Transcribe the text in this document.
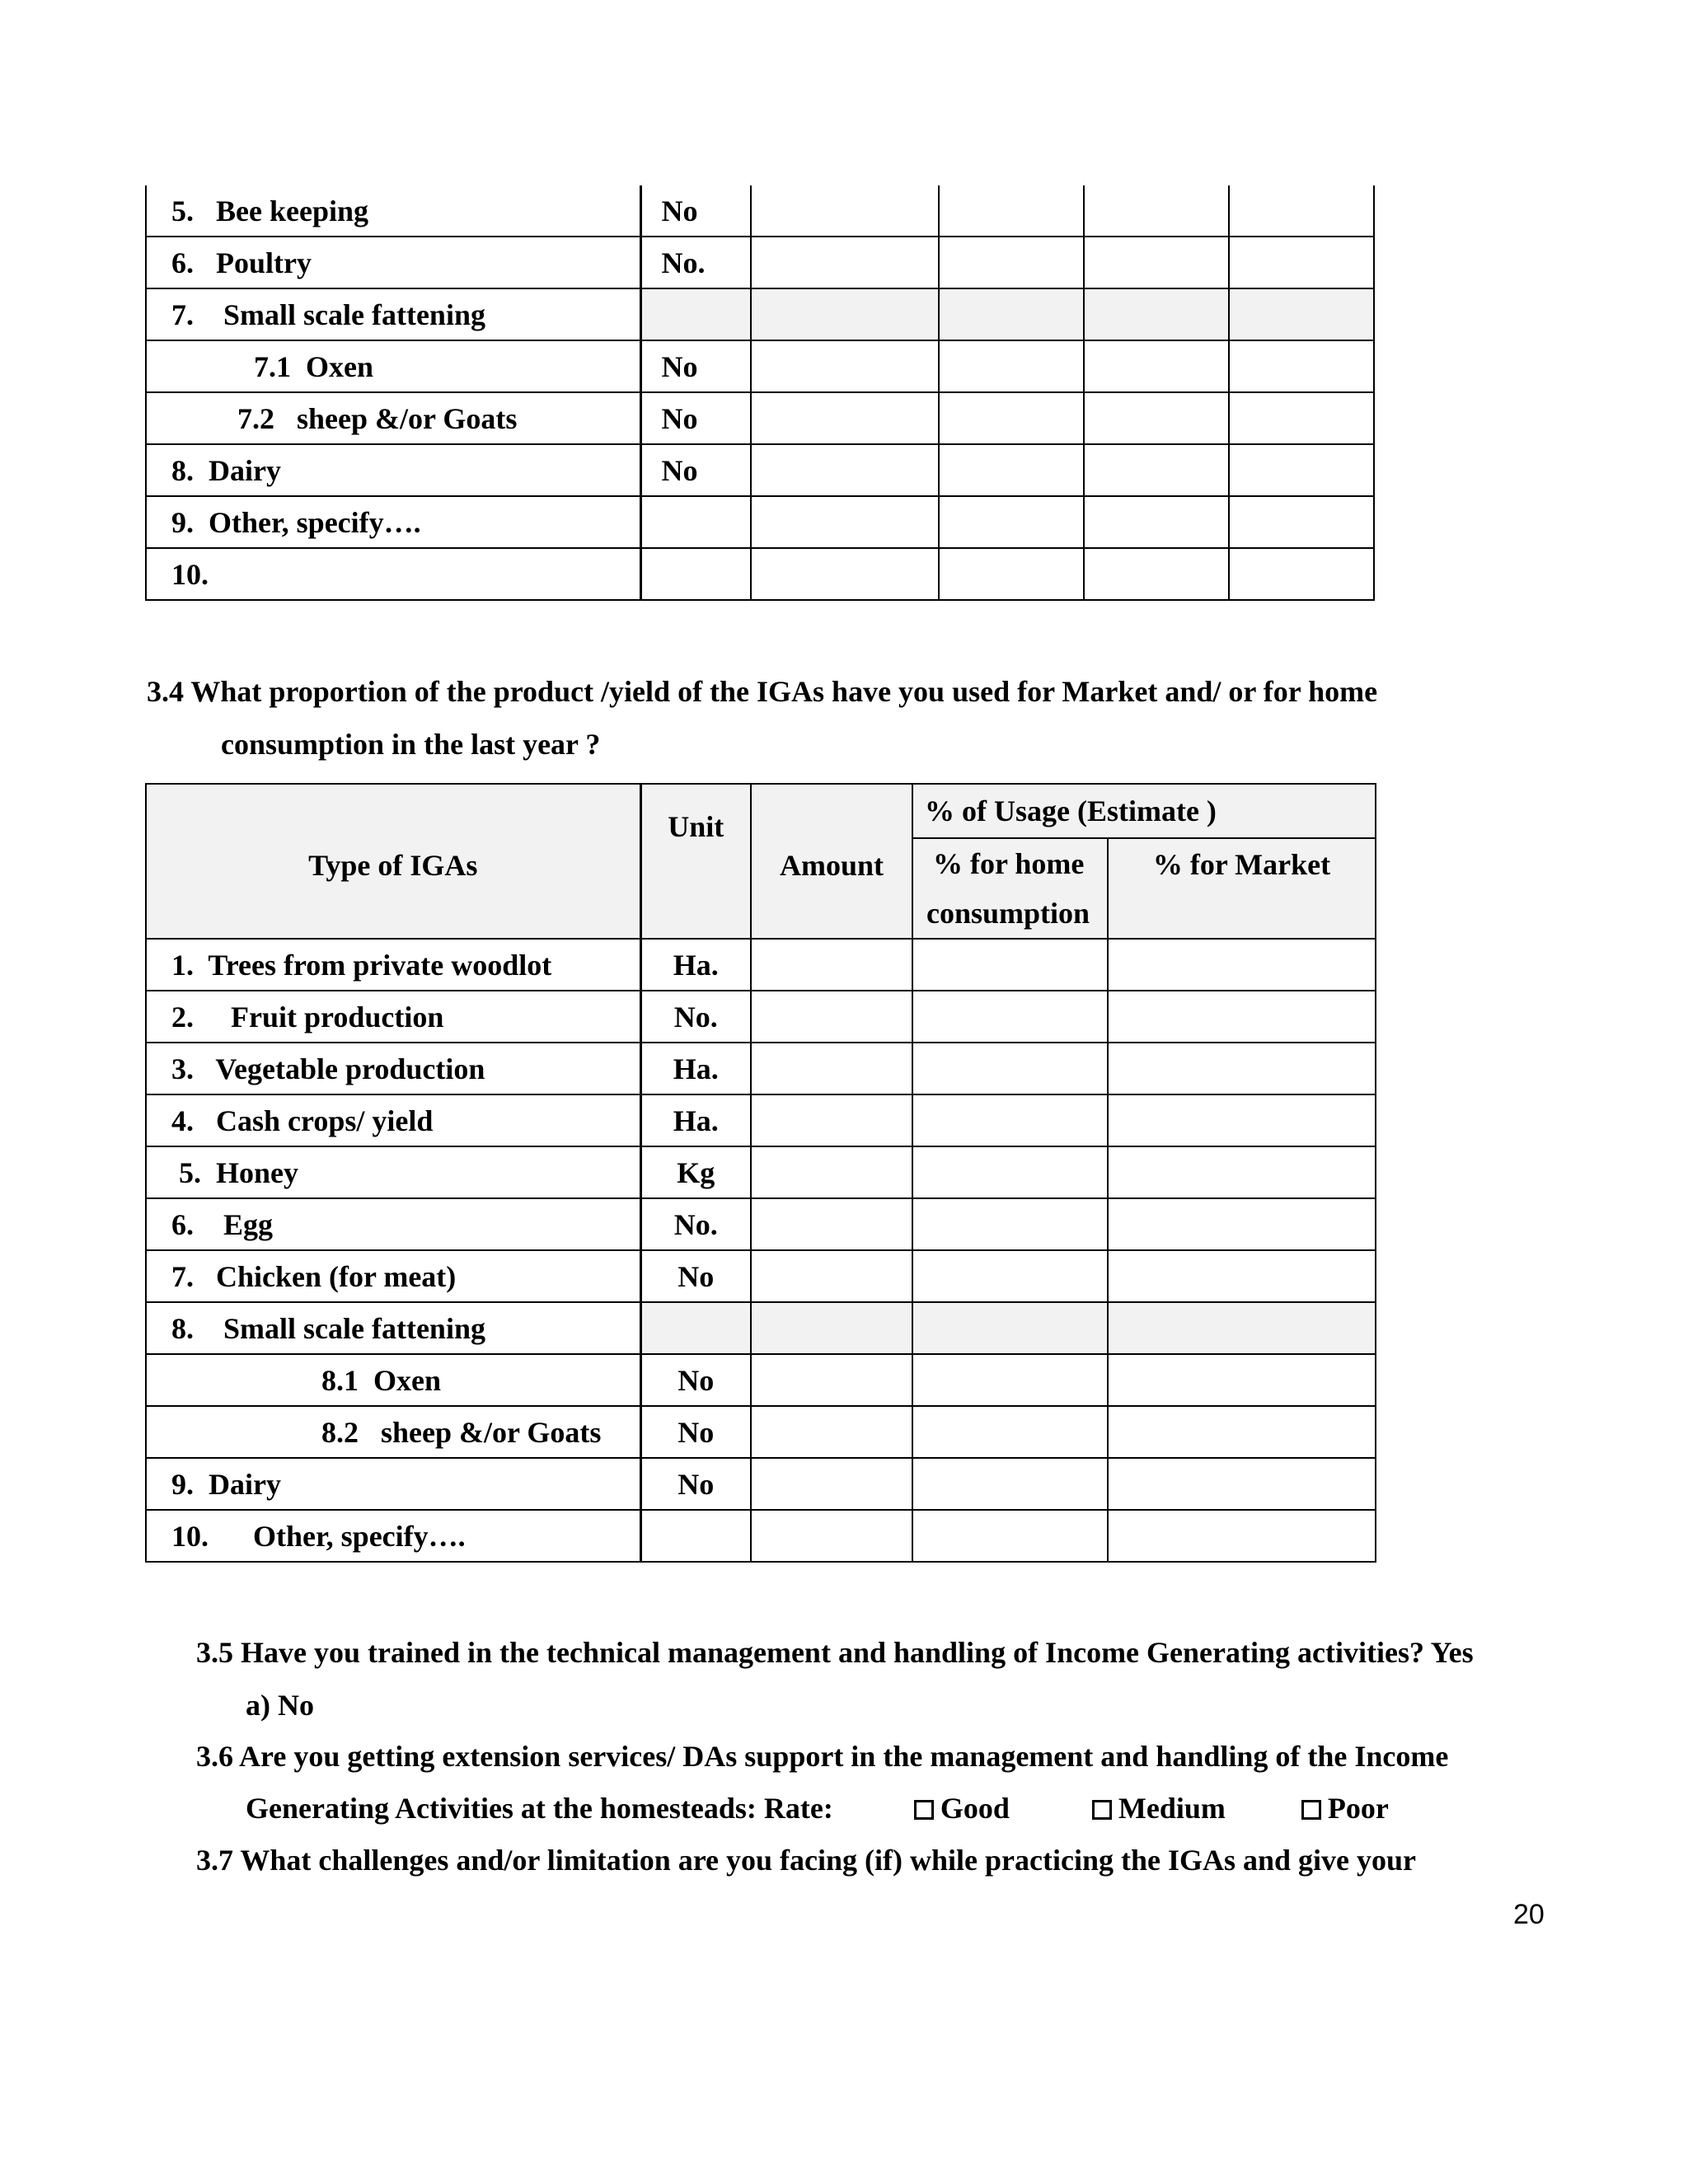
5.   Bee keeping	No				
6.   Poultry	No.				
7.    Small scale fattening					
7.1  Oxen	No				
7.2   sheep &/or Goats	No				
8.  Dairy	No				
9.  Other, specify….					
10.					

3.4 What proportion of the product /yield of the IGAs have you used for Market and/ or for home

consumption in the last year ?

Type of IGAs	Unit	Amount	% of Usage (Estimate )	
			% for home	% for Market
			consumption	
1.  Trees from private woodlot	Ha.			
2.     Fruit production	No.			
3.   Vegetable production	Ha.			
4.   Cash crops/ yield	Ha.			
5.  Honey	Kg			
6.    Egg	No.			
7.   Chicken (for meat)	No			
8.    Small scale fattening				
8.1  Oxen	No			
8.2   sheep &/or Goats	No			
9.  Dairy	No			
10.      Other, specify….				

3.5 Have you trained in the technical management and handling of Income Generating activities? Yes

a) No

3.6 Are you getting extension services/ DAs support in the management and handling of the Income

Generating Activities at the homesteads: Rate:	Good	Medium	Poor

3.7 What challenges and/or limitation are you facing (if) while practicing the IGAs and give your

20
